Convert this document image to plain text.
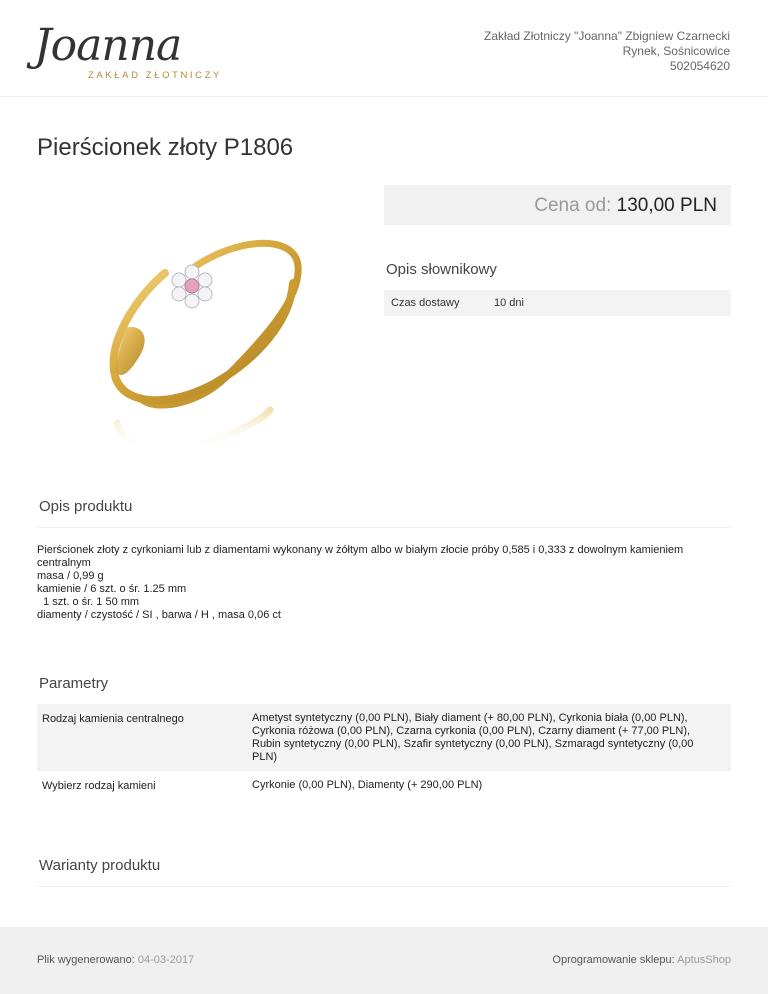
Joanna
ZAKŁAD ZŁOTNICZY
Zakład Złotniczy "Joanna" Zbigniew Czarnecki
Rynek, Sośnicowice
502054620
Pierścionek złoty P1806
Cena od: 130,00 PLN
Opis słownikowy
Czas dostawy	10 dni
Opis produktu
Pierścionek złoty z cyrkoniami lub z diamentami wykonany w żółtym albo w białym złocie próby 0,585 i 0,333 z dowolnym kamieniem centralnym
masa / 0,99 g
kamienie / 6 szt. o śr. 1.25 mm
1 szt. o śr. 1 50 mm
diamenty / czystość / SI , barwa / H , masa 0,06 ct
Parametry
Rodzaj kamienia centralnego	Ametyst syntetyczny (0,00 PLN), Biały diament (+ 80,00 PLN), Cyrkonia biała (0,00 PLN), Cyrkonia różowa (0,00 PLN), Czarna cyrkonia (0,00 PLN), Czarny diament (+ 77,00 PLN), Rubin syntetyczny (0,00 PLN), Szafir syntetyczny (0,00 PLN), Szmaragd syntetyczny (0,00 PLN)
Wybierz rodzaj kamieni	Cyrkonie (0,00 PLN), Diamenty (+ 290,00 PLN)
Warianty produktu
Plik wygenerowano: 04-03-2017	Oprogramowanie sklepu: AptusShop
